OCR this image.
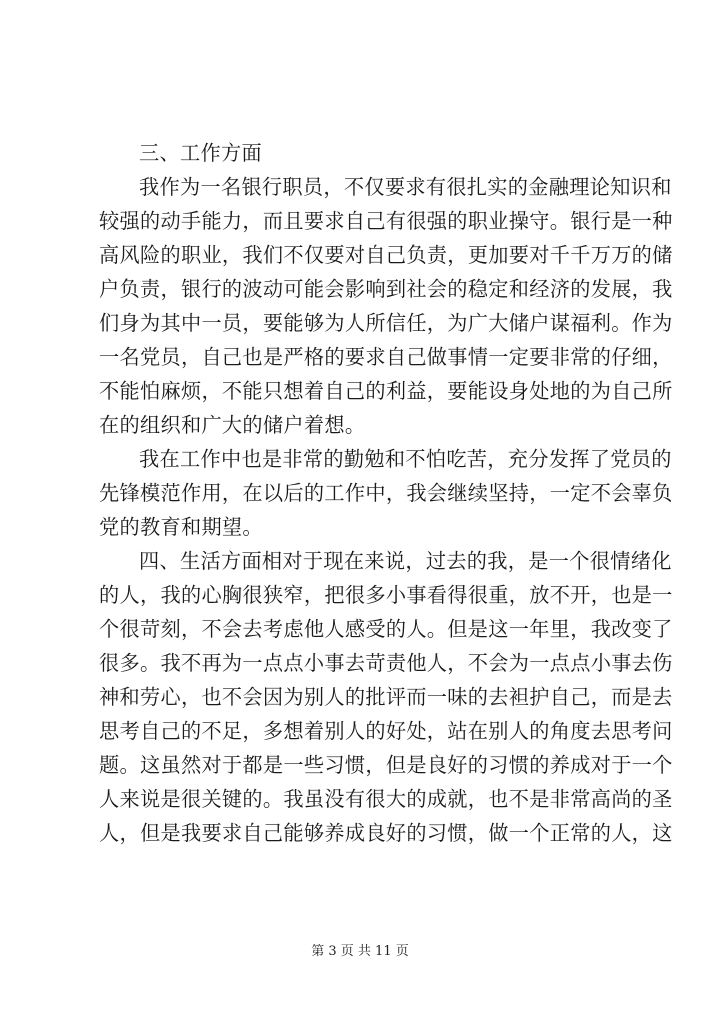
三、工作方面
我作为一名银行职员，不仅要求有很扎实的金融理论知识和
较强的动手能力，而且要求自己有很强的职业操守。银行是一种
高风险的职业，我们不仅要对自己负责，更加要对千千万万的储
户负责，银行的波动可能会影响到社会的稳定和经济的发展，我
们身为其中一员，要能够为人所信任，为广大储户谋福利。作为
一名党员，自己也是严格的要求自己做事情一定要非常的仔细，
不能怕麻烦，不能只想着自己的利益，要能设身处地的为自己所
在的组织和广大的储户着想。
我在工作中也是非常的勤勉和不怕吃苦，充分发挥了党员的
先锋模范作用，在以后的工作中，我会继续坚持，一定不会辜负
党的教育和期望。
四、生活方面相对于现在来说，过去的我，是一个很情绪化
的人，我的心胸很狭窄，把很多小事看得很重，放不开，也是一
个很苛刻，不会去考虑他人感受的人。但是这一年里，我改变了
很多。我不再为一点点小事去苛责他人，不会为一点点小事去伤
神和劳心，也不会因为别人的批评而一味的去袒护自己，而是去
思考自己的不足，多想着别人的好处，站在别人的角度去思考问
题。这虽然对于都是一些习惯，但是良好的习惯的养成对于一个
人来说是很关键的。我虽没有很大的成就，也不是非常高尚的圣
人，但是我要求自己能够养成良好的习惯，做一个正常的人，这
第 3 页 共 11 页
